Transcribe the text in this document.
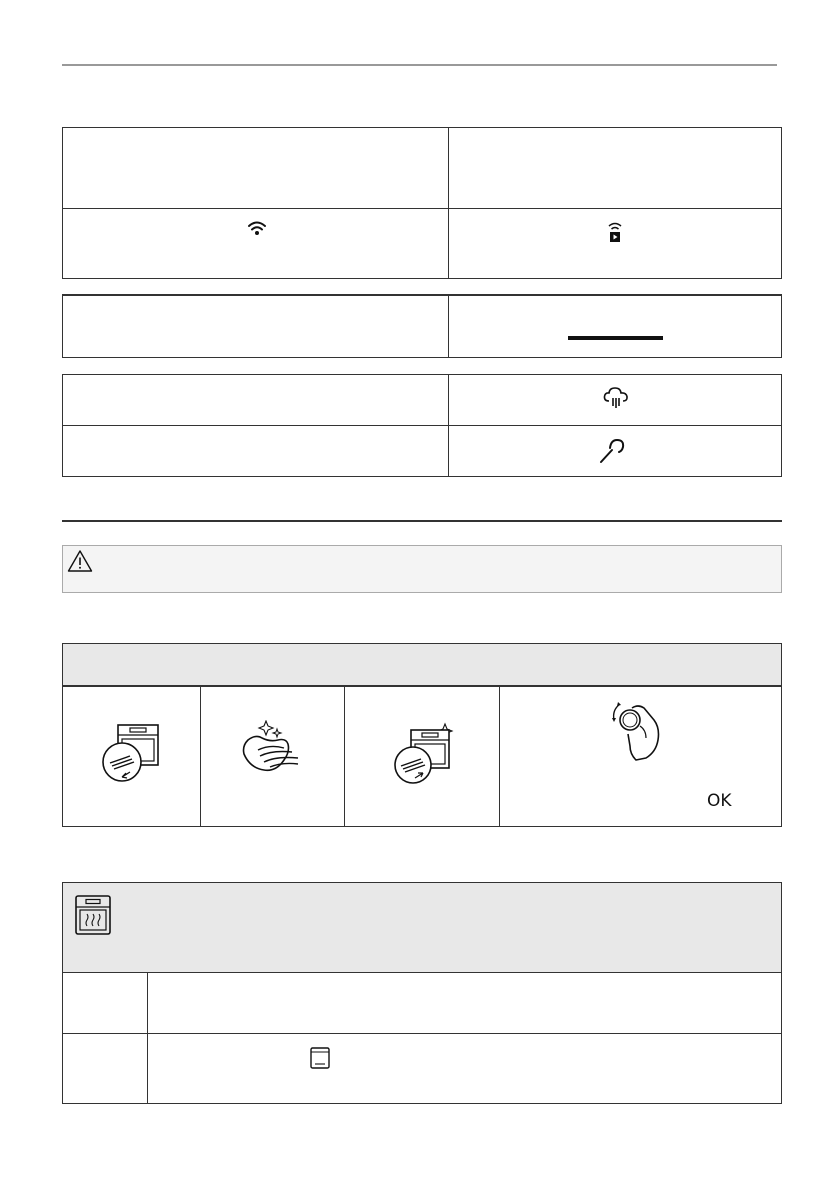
OK
